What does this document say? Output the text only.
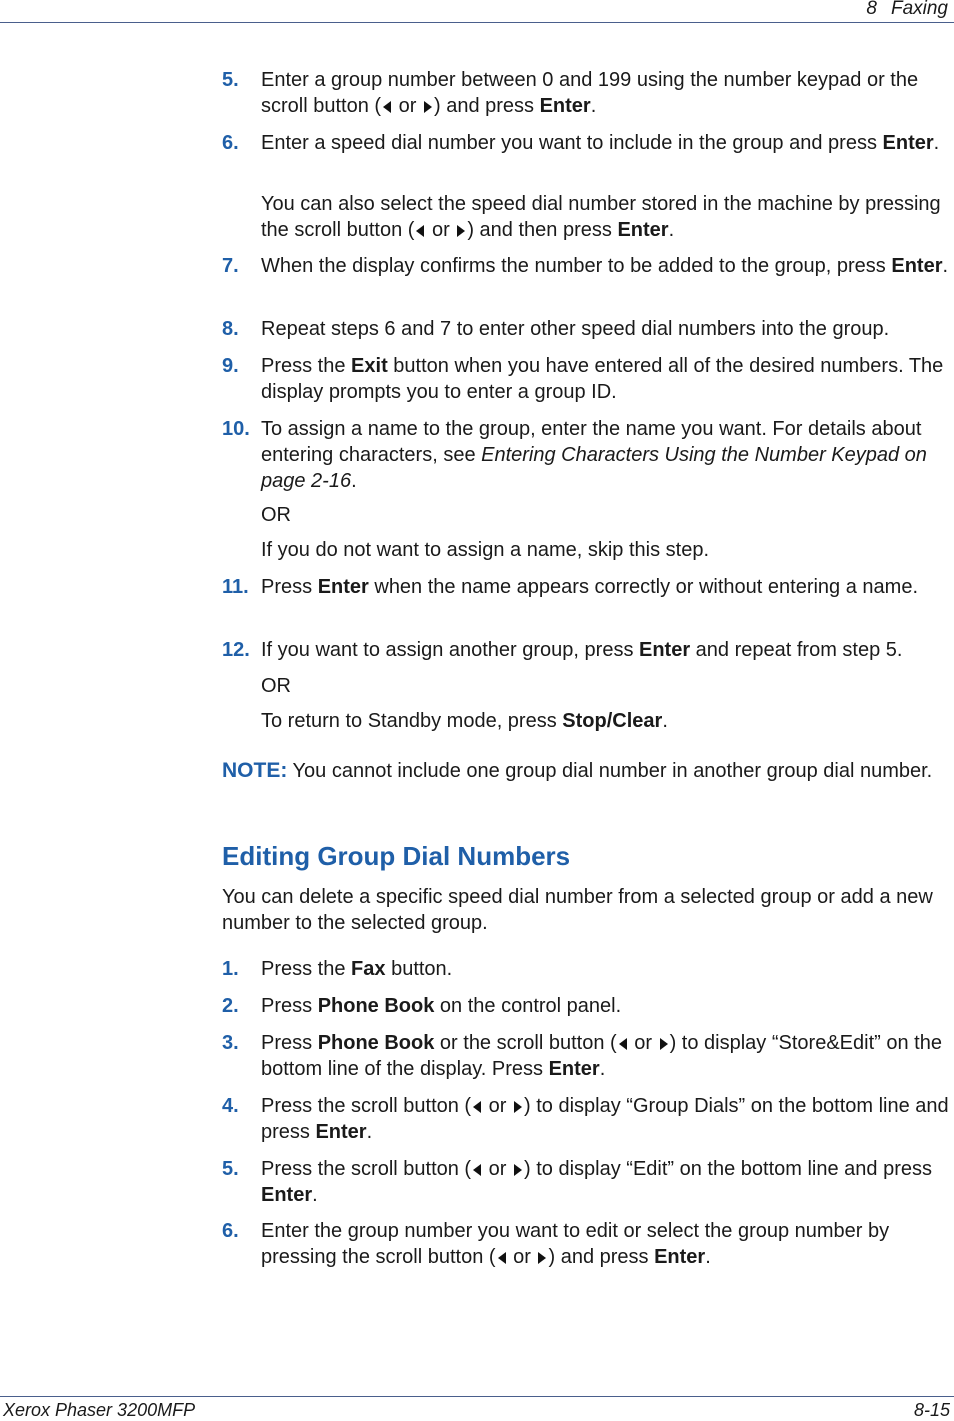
8 Faxing
5. Enter a group number between 0 and 199 using the number keypad or the scroll button ( or ) and press Enter.
6. Enter a speed dial number you want to include in the group and press Enter.
You can also select the speed dial number stored in the machine by pressing the scroll button ( or ) and then press Enter.
7. When the display confirms the number to be added to the group, press Enter.
8. Repeat steps 6 and 7 to enter other speed dial numbers into the group.
9. Press the Exit button when you have entered all of the desired numbers. The display prompts you to enter a group ID.
10. To assign a name to the group, enter the name you want. For details about entering characters, see Entering Characters Using the Number Keypad on page 2-16.
OR
If you do not want to assign a name, skip this step.
11. Press Enter when the name appears correctly or without entering a name.
12. If you want to assign another group, press Enter and repeat from step 5.
OR
To return to Standby mode, press Stop/Clear.
NOTE: You cannot include one group dial number in another group dial number.
Editing Group Dial Numbers
You can delete a specific speed dial number from a selected group or add a new number to the selected group.
1. Press the Fax button.
2. Press Phone Book on the control panel.
3. Press Phone Book or the scroll button ( or ) to display “Store&Edit” on the bottom line of the display. Press Enter.
4. Press the scroll button ( or ) to display “Group Dials” on the bottom line and press Enter.
5. Press the scroll button ( or ) to display “Edit” on the bottom line and press Enter.
6. Enter the group number you want to edit or select the group number by pressing the scroll button ( or ) and press Enter.
Xerox Phaser 3200MFP	8-15
